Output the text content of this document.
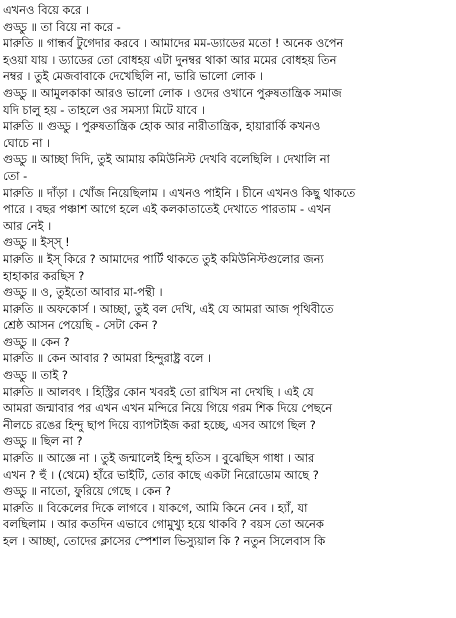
এখনও বিয়ে করে ।
গুড্ডু ॥ তা বিয়ে না করে -
মারুতি ॥ গান্ধর্ব টুগেদার করবে । আমাদের মম-ড্যাডের মতো ! অনেক ওপেন
হওয়া যায় । ড্যাডের তো বোধহয় এটা দুনম্বর থাকা আর মমের বোধহয় তিন
নম্বর । তুই মেজবাবাকে দেখেছিলি না, ভারি ভালো লোক ।
গুড্ডু ॥ আমুলকাকা আরও ভালো লোক । ওদের ওখানে পুরুষতান্ত্রিক সমাজ
যদি চালু হয় - তাহলে ওর সমস্যা মিটে যাবে ।
মারুতি ॥ গুড্ডু । পুরুষতান্ত্রিক হোক আর নারীতান্ত্রিক, হায়ারার্কি কখনও
ঘোচে না ।
গুড্ডু ॥ আচ্ছা দিদি, তুই আমায় কমিউনিস্ট দেখবি বলেছিলি । দেখালি না
তো -
মারুতি ॥ দাঁড়া । খোঁজ নিয়েছিলাম । এখনও পাইনি । চীনে এখনও কিছু থাকতে
পারে । বছর পঞ্চাশ আগে হলে এই কলকাতাতেই দেখাতে পারতাম - এখন
আর নেই ।
গুড্ডু ॥ ইস্স্ !
মারুতি ॥ ইস্ কিরে ? আমাদের পার্টি থাকতে তুই কমিউনিস্টগুলোর জন্য
হাহাকার করছিস ?
গুড্ডু ॥ ও, তুইতো আবার মা-পন্থী ।
মারুতি ॥ অফকোর্স । আচ্ছা, তুই বল দেখি, এই যে আমরা আজ পৃথিবীতে
শ্রেষ্ঠ আসন পেয়েছি - সেটা কেন ?
গুড্ডু ॥ কেন ?
মারুতি ॥ কেন আবার ? আমরা হিন্দুরাষ্ট্র বলে ।
গুড্ডু ॥ তাই ?
মারুতি ॥ আলবৎ । হিস্ট্রির কোন খবরই তো রাখিস না দেখছি । এই যে
আমরা জন্মাবার পর এখন এখন মন্দিরে নিয়ে গিয়ে গরম শিক দিয়ে পেছনে
নীলচে রঙের হিন্দু ছাপ দিয়ে ব্যাপটাইজ করা হচ্ছে, এসব আগে ছিল ?
গুড্ডু ॥ ছিল না ?
মারুতি ॥ আজ্ঞে না । তুই জন্মালেই হিন্দু হতিস । বুঝেছিস গাধা । আর
এখন ? হুঁ । (থেমে) হাঁরে ভাইটি, তোর কাছে একটা নিরোডোম আছে ?
গুড্ডু ॥ নাতো, ফুরিয়ে গেছে । কেন ?
মারুতি ॥ বিকেলের দিকে লাগবে । যাকগে, আমি কিনে নেব । হ্যাঁ, যা
বলছিলাম । আর কতদিন এভাবে গোমুখ্যু হয়ে থাকবি ? বয়স তো অনেক
হল । আচ্ছা, তোদের ক্লাসের স্পেশাল ভিস্যুয়াল কি ? নতুন সিলেবাস কি
